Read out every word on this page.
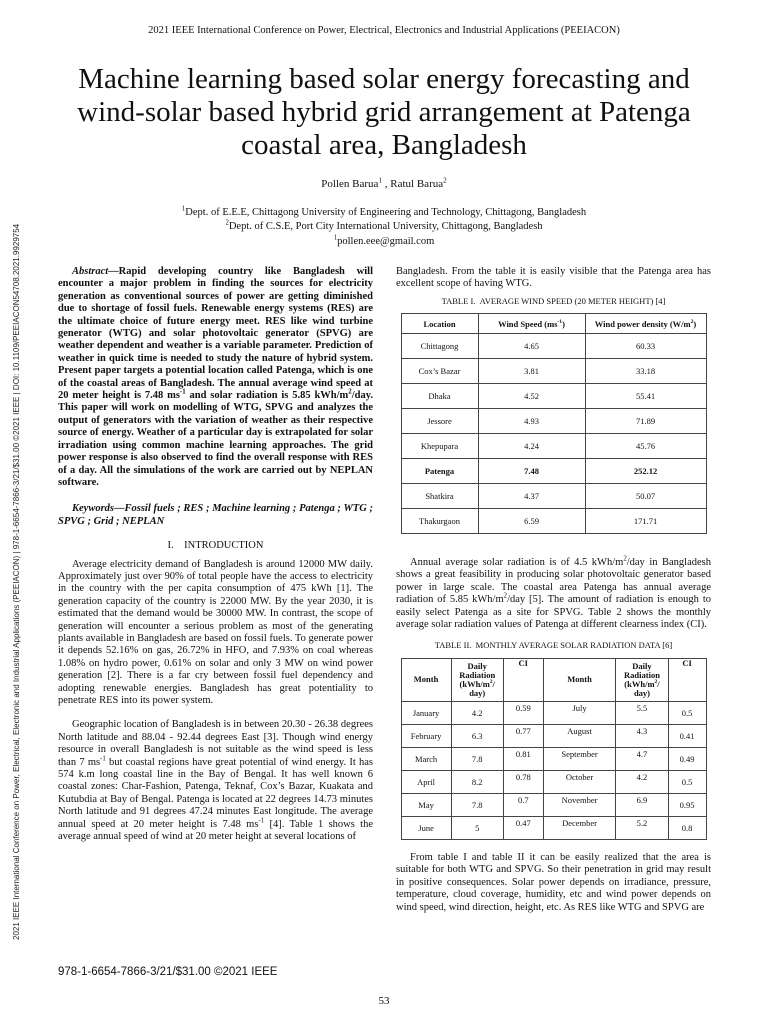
2021 IEEE International Conference on Power, Electrical, Electronics and Industrial Applications (PEEIACON)
Machine learning based solar energy forecasting and wind-solar based hybrid grid arrangement at Patenga coastal area, Bangladesh
Pollen Barua$^1$ , Ratul Barua$^2$
$^1$Dept. of E.E.E, Chittagong University of Engineering and Technology, Chittagong, Bangladesh
$^2$Dept. of C.S.E, Port City International University, Chittagong, Bangladesh
$^1$pollen.eee@gmail.com
2021 IEEE International Conference on Power, Electrical, Electronic and Industrial Applications (PEEIACON) | 978-1-6654-7866-3/21/$31.00 ©2021 IEEE | DOI: 10.1109/PEEIACON54708.2021.9929754	Abstract—Rapid developing country like Bangladesh will encounter a major problem in finding the sources for electricity generation as conventional sources of power are getting diminished due to shortage of fossil fuels. Renewable energy systems (RES) are the ultimate choice of future energy meet. RES like wind turbine generator (WTG) and solar photovoltaic generator (SPVG) are weather dependent and weather is a variable parameter. Prediction of weather in quick time is needed to study the nature of hybrid system. Present paper targets a potential location called Patenga, which is one of the coastal areas of Bangladesh. The annual average wind speed at 20 meter height is 7.48 $ms^{-1}$ and solar radiation is 5.85 kWh/$m^2$/day. This paper will work on modelling of WTG, SPVG and analyzes the output of generators with the variation of weather as their respective source of energy. Weather of a particular day is extrapolated for solar irradiation using common machine learning approaches. The grid power response is also observed to find the overall response with RES of a day. All the simulations of the work are carried out by NEPLAN software.

Keywords—Fossil fuels ; RES ; Machine learning ; Patenga ; WTG ; SPVG ; Grid ; NEPLAN

I. INTRODUCTION

Average electricity demand of Bangladesh is around 12000 MW daily. Approximately just over 90% of total people have the access to electricity in the country with the per capita consumption of 475 kWh [1]. The generation capacity of the country is 22000 MW. By the year 2030, it is estimated that the demand would be 30000 MW. In contrast, the scope of generation will encounter a serious problem as most of the generating plants available in Bangladesh are based on fossil fuels. To generate power it depends 52.16% on gas, 26.72% in HFO, and 7.93% on coal whereas 1.08% on hydro power, 0.61% on solar and only 3 MW on wind power generation [2]. There is a far cry between fossil fuel dependency and adopting renewable energies. Bangladesh has great potentiality to penetrate RES into its power system.

Geographic location of Bangladesh is in between 20.30 - 26.38 degrees North latitude and 88.04 - 92.44 degrees East [3]. Though wind energy resource in overall Bangladesh is not suitable as the wind speed is less than 7 $ms^{-1}$ but coastal regions have great potential of wind energy. It has 574 k.m long coastal line in the Bay of Bengal. It has well known 6 coastal zones: Char-Fashion, Patenga, Teknaf, Cox’s Bazar, Kuakata and Kutubdia at Bay of Bengal. Patenga is located at 22 degrees 14.73 minutes North latitude and 91 degrees 47.24 minutes East longitude. The average annual speed at 20 meter height is 7.48 $ms^{-1}$ [4]. Table 1 shows the average annual speed of wind at 20 meter height at several locations of

Bangladesh. From the table it is easily visible that the Patenga area has excellent scope of having WTG.

TABLE I. AVERAGE WIND SPEED (20 METER HEIGHT) [4]

Location	Wind Speed $(ms^{-1})$	Wind power density $(W/m^2)$
Chittagong	4.65	60.33
Cox’s Bazar	3.81	33.18
Dhaka	4.52	55.41
Jessore	4.93	71.89
Khepupara	4.24	45.76
Patenga	7.48	252.12
Shatkira	4.37	50.07
Thakurgaon	6.59	171.71

Annual average solar radiation is of 4.5 kWh/$m^2$/day in Bangladesh shows a great feasibility in producing solar photovoltaic generator based power in large scale. The coastal area Patenga has annual average radiation of 5.85 kWh/$m^2$/day [5]. The amount of radiation is enough to easily select Patenga as a site for SPVG. Table 2 shows the monthly average solar radiation values of Patenga at different clearness index (CI).

TABLE II. MONTHLY AVERAGE SOLAR RADIATION DATA [6]

Month	Daily Radiation ($kWh/m^2/$ day)	CI	Month	Daily Radiation ($kWh/m^2/$ day)	CI
January	4.2	0.59	July	5.5	0.5
February	6.3	0.77	August	4.3	0.41
March	7.8	0.81	September	4.7	0.49
April	8.2	0.78	October	4.2	0.5
May	7.8	0.7	November	6.9	0.95
June	5	0.47	December	5.2	0.8

From table I and table II it can be easily realized that the area is suitable for both WTG and SPVG. So their penetration in grid may result in positive consequences. Solar power depends on irradiance, pressure, temperature, cloud coverage, humidity, etc and wind power depends on wind speed, wind direction, height, etc. As RES like WTG and SPVG are

978-1-6654-7866-3/21/$31.00 ©2021 IEEE
53
